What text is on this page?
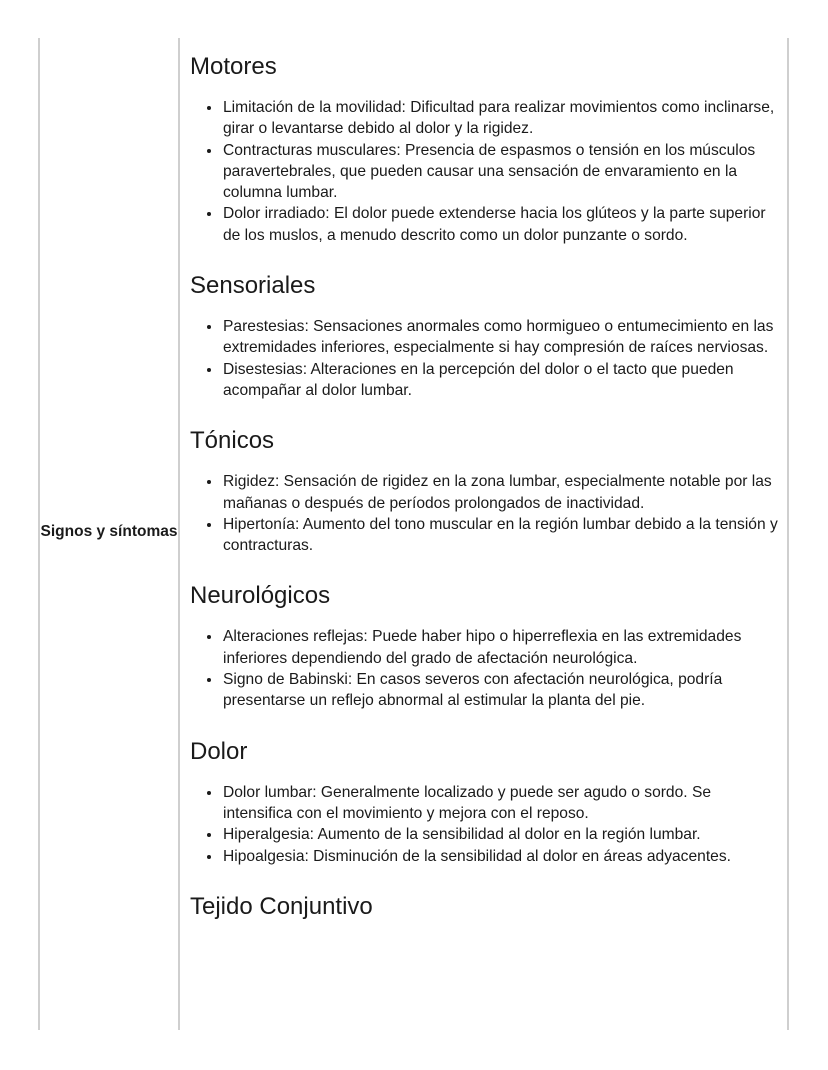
Signos y síntomas
Motores
• Limitación de la movilidad: Dificultad para realizar movimientos como inclinarse, girar o levantarse debido al dolor y la rigidez.
• Contracturas musculares: Presencia de espasmos o tensión en los músculos paravertebrales, que pueden causar una sensación de envaramiento en la columna lumbar.
• Dolor irradiado: El dolor puede extenderse hacia los glúteos y la parte superior de los muslos, a menudo descrito como un dolor punzante o sordo.
Sensoriales
• Parestesias: Sensaciones anormales como hormigueo o entumecimiento en las extremidades inferiores, especialmente si hay compresión de raíces nerviosas.
• Disestesias: Alteraciones en la percepción del dolor o el tacto que pueden acompañar al dolor lumbar.
Tónicos
• Rigidez: Sensación de rigidez en la zona lumbar, especialmente notable por las mañanas o después de períodos prolongados de inactividad.
• Hipertonía: Aumento del tono muscular en la región lumbar debido a la tensión y contracturas.
Neurológicos
• Alteraciones reflejas: Puede haber hipo o hiperreflexia en las extremidades inferiores dependiendo del grado de afectación neurológica.
• Signo de Babinski: En casos severos con afectación neurológica, podría presentarse un reflejo abnormal al estimular la planta del pie.
Dolor
• Dolor lumbar: Generalmente localizado y puede ser agudo o sordo. Se intensifica con el movimiento y mejora con el reposo.
• Hiperalgesia: Aumento de la sensibilidad al dolor en la región lumbar.
• Hipoalgesia: Disminución de la sensibilidad al dolor en áreas adyacentes.
Tejido Conjuntivo
